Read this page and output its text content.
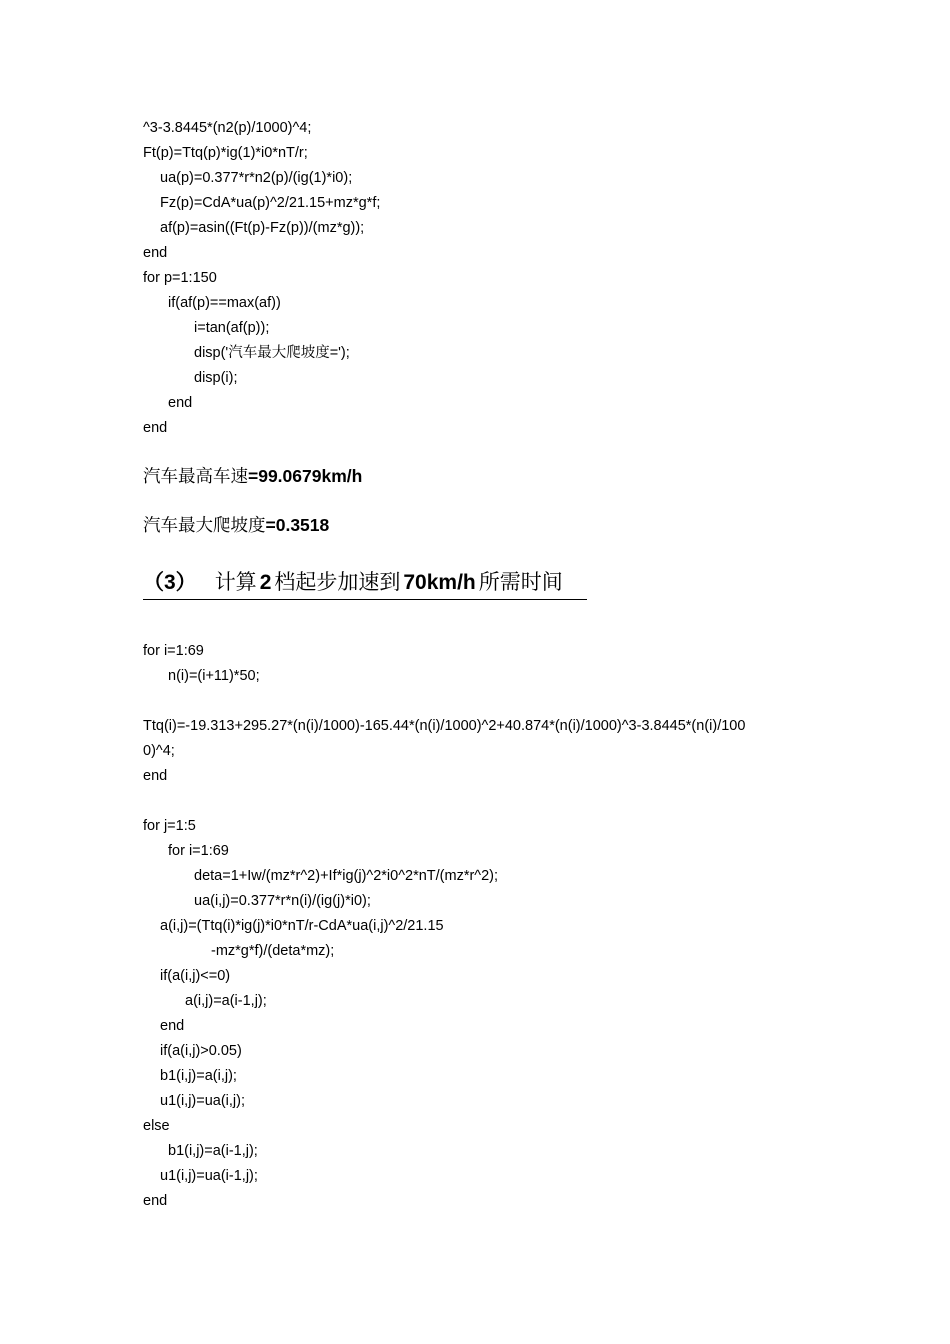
^3-3.8445*(n2(p)/1000)^4;
Ft(p)=Ttq(p)*ig(1)*i0*nT/r;
ua(p)=0.377*r*n2(p)/(ig(1)*i0);
Fz(p)=CdA*ua(p)^2/21.15+mz*g*f;
af(p)=asin((Ft(p)-Fz(p))/(mz*g));
end
for p=1:150
if(af(p)==max(af))
i=tan(af(p));
disp('汽车最大爬坡度=');
disp(i);
end
end
汽车最高车速=99.0679km/h
汽车最大爬坡度=0.3518
（3） 计算 2 档起步加速到 70km/h 所需时间
for i=1:69
n(i)=(i+11)*50;
Ttq(i)=-19.313+295.27*(n(i)/1000)-165.44*(n(i)/1000)^2+40.874*(n(i)/1000)^3-3.8445*(n(i)/100
0)^4;
end
for j=1:5
for i=1:69
deta=1+Iw/(mz*r^2)+If*ig(j)^2*i0^2*nT/(mz*r^2);
ua(i,j)=0.377*r*n(i)/(ig(j)*i0);
a(i,j)=(Ttq(i)*ig(j)*i0*nT/r-CdA*ua(i,j)^2/21.15
-mz*g*f)/(deta*mz);
if(a(i,j)<=0)
a(i,j)=a(i-1,j);
end
if(a(i,j)>0.05)
b1(i,j)=a(i,j);
u1(i,j)=ua(i,j);
else
b1(i,j)=a(i-1,j);
u1(i,j)=ua(i-1,j);
end
